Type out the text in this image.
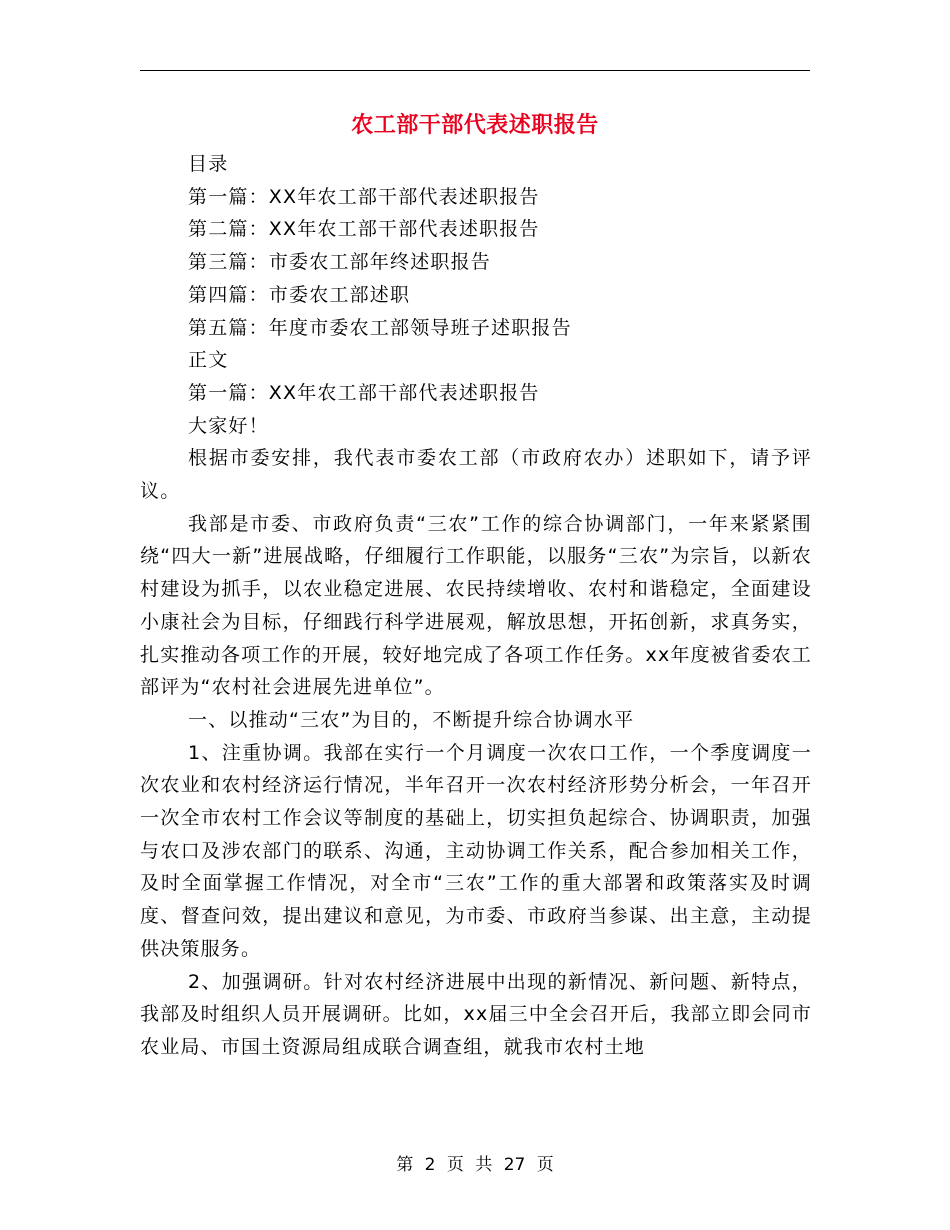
农工部干部代表述职报告
目录
第一篇：XX年农工部干部代表述职报告
第二篇：XX年农工部干部代表述职报告
第三篇：市委农工部年终述职报告
第四篇：市委农工部述职
第五篇：年度市委农工部领导班子述职报告
正文
第一篇：XX年农工部干部代表述职报告
大家好！

根据市委安排，我代表市委农工部（市政府农办）述职如下，请予评议。

我部是市委、市政府负责“三农”工作的综合协调部门，一年来紧紧围绕“四大一新”进展战略，仔细履行工作职能，以服务“三农”为宗旨，以新农村建设为抓手，以农业稳定进展、农民持续增收、农村和谐稳定，全面建设小康社会为目标，仔细践行科学进展观，解放思想，开拓创新，求真务实，扎实推动各项工作的开展，较好地完成了各项工作任务。xx年度被省委农工部评为“农村社会进展先进单位”。

一、以推动“三农”为目的，不断提升综合协调水平

1、注重协调。我部在实行一个月调度一次农口工作，一个季度调度一次农业和农村经济运行情况，半年召开一次农村经济形势分析会，一年召开一次全市农村工作会议等制度的基础上，切实担负起综合、协调职责，加强与农口及涉农部门的联系、沟通，主动协调工作关系，配合参加相关工作，及时全面掌握工作情况，对全市“三农”工作的重大部署和政策落实及时调度、督查问效，提出建议和意见，为市委、市政府当参谋、出主意，主动提供决策服务。

2、加强调研。针对农村经济进展中出现的新情况、新问题、新特点，我部及时组织人员开展调研。比如，xx届三中全会召开后，我部立即会同市农业局、市国土资源局组成联合调查组，就我市农村土地

第 2 页 共 27 页
